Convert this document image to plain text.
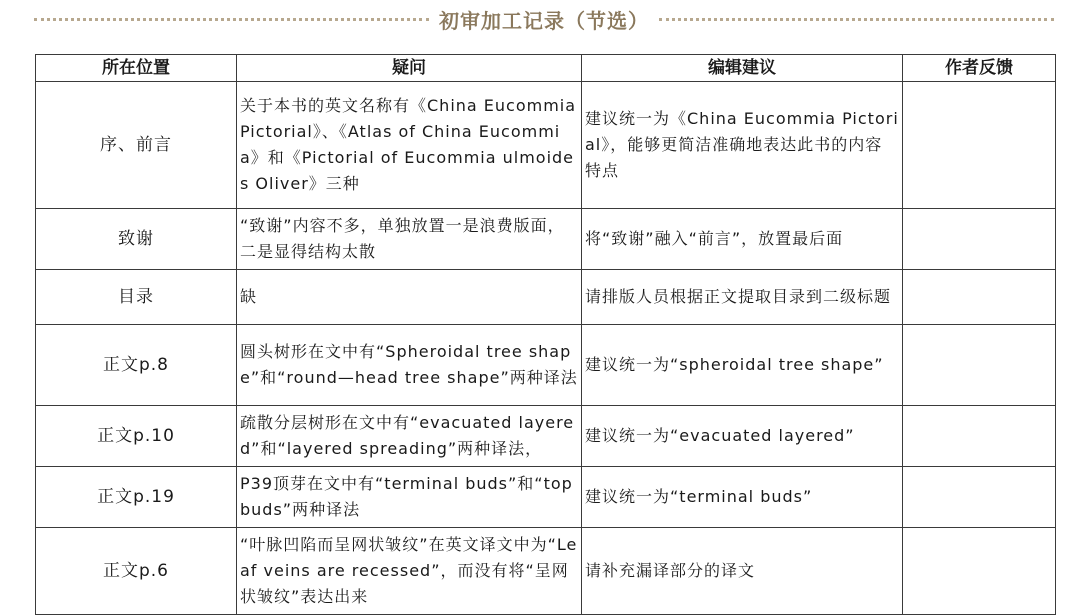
初审加工记录（节选）
所在位置	疑问	编辑建议	作者反馈
序、前言	关于本书的英文名称有《China Eucommia Pictorial》、《Atlas of China Eucommia》和《Pictorial of Eucommia ulmoides Oliver》三种	建议统一为《China Eucommia Pictorial》，能够更简洁准确地表达此书的内容特点	
致谢	“致谢”内容不多，单独放置一是浪费版面，二是显得结构太散	将“致谢”融入“前言”，放置最后面	
目录	缺	请排版人员根据正文提取目录到二级标题	
正文p.8	圆头树形在文中有“Spheroidal tree shape”和“round—head tree shape”两种译法	建议统一为“spheroidal tree shape”	
正文p.10	疏散分层树形在文中有“evacuated layered”和“layered spreading”两种译法，	建议统一为“evacuated layered”	
正文p.19	P39顶芽在文中有“terminal buds”和“top buds”两种译法	建议统一为“terminal buds”	
正文p.6	“叶脉凹陷而呈网状皱纹”在英文译文中为“Leaf veins are recessed”，而没有将“呈网状皱纹”表达出来	请补充漏译部分的译文	
